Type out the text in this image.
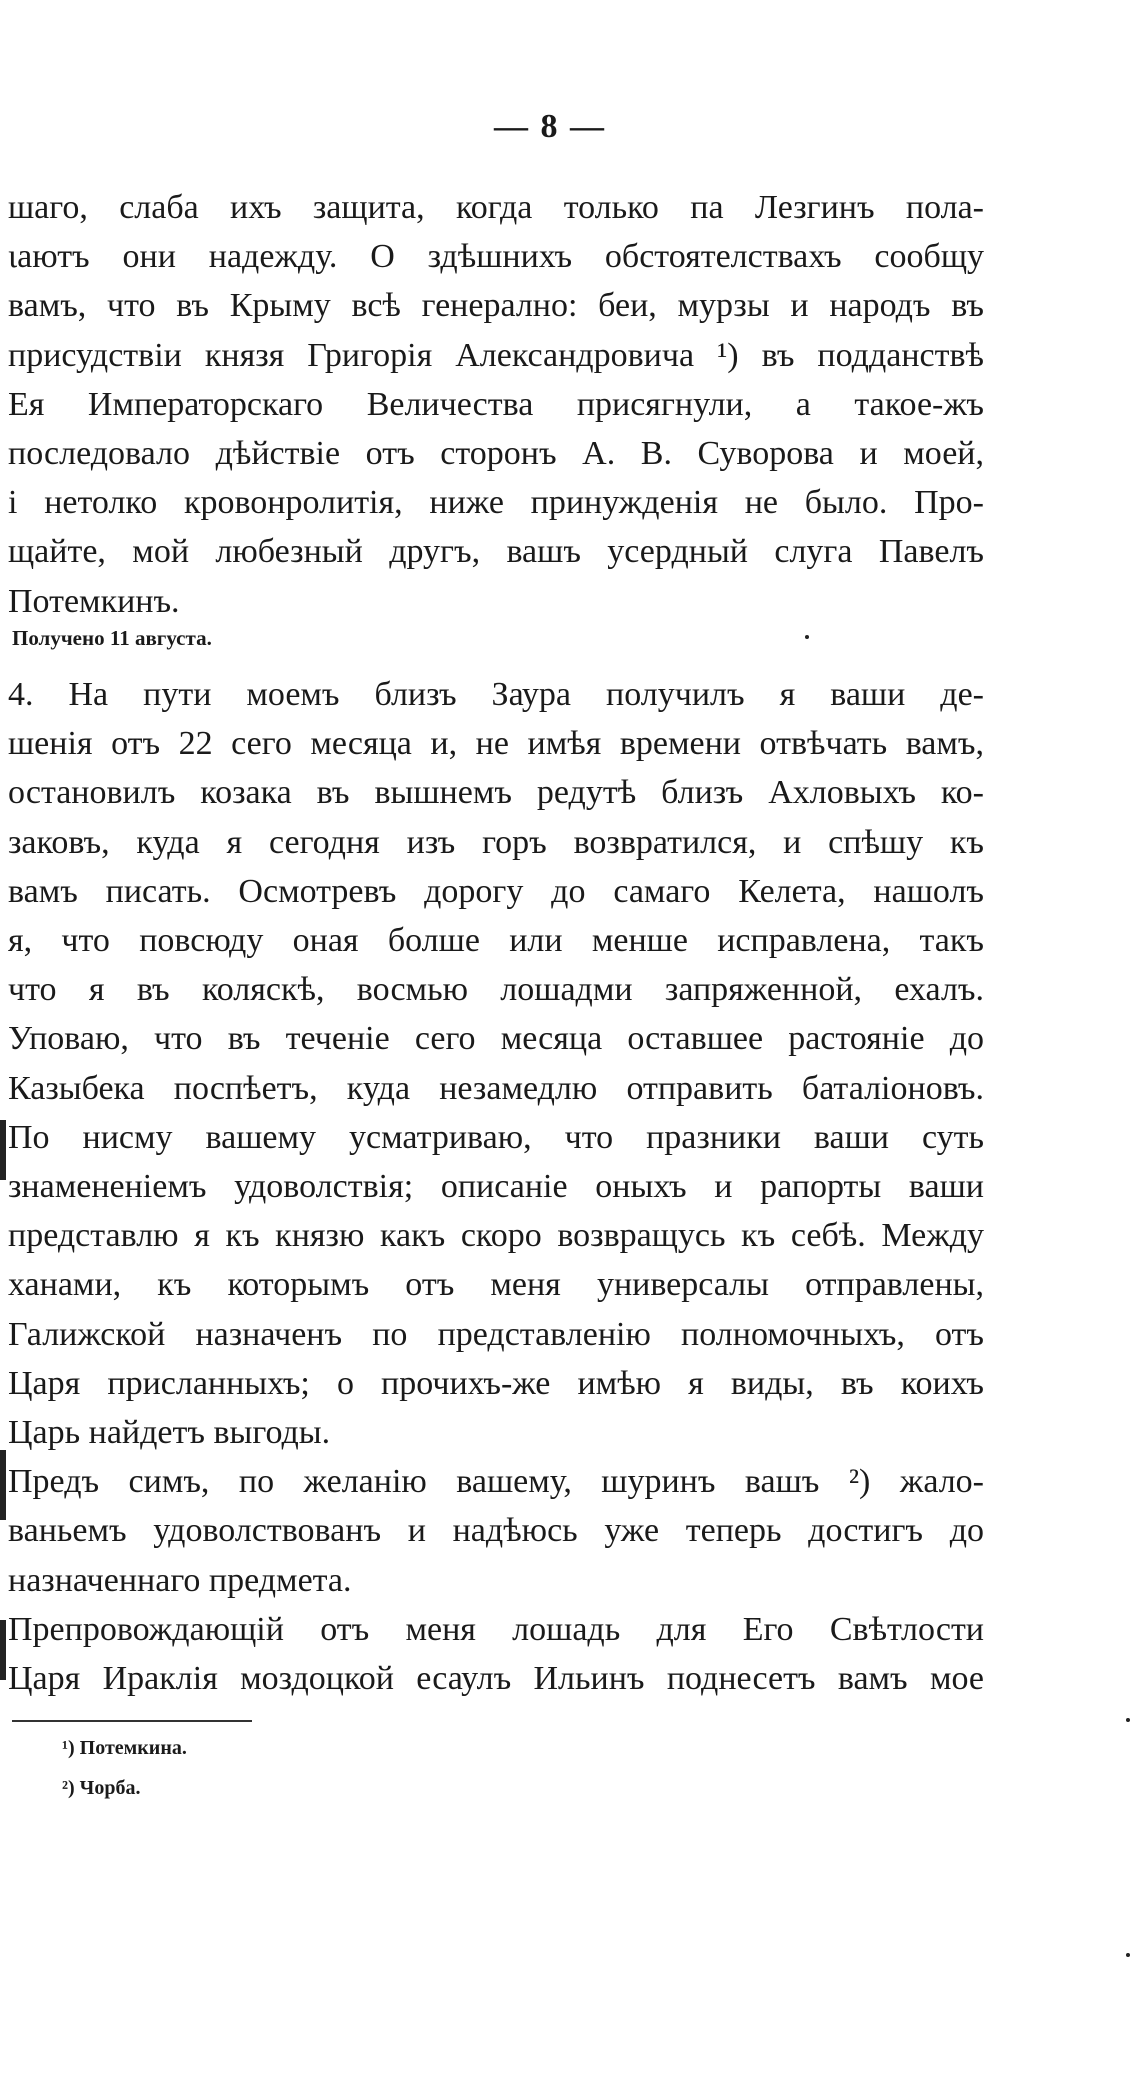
— 8 —
шаго, слаба ихъ защита, когда только па Лезгинъ пола-
ιаютъ они надежду. О здѣшнихъ обстоятелствахъ сообщу
вамъ, что въ Крыму всѣ генерално: беи, мурзы и народъ въ
присудствіи князя Григорія Александровича ¹) въ подданствѣ
Ея Императорскаго Величества присягнули, а такое-жъ
последовало дѣйствіе отъ сторонъ А. В. Суворова и моей,
і нетолко кровонролитія, ниже принужденія не было. Про-
щайте, мой любезный другъ, вашъ усердный слуга Павелъ
Потемкинъ.
Получено 11 августа.
4. На пути моемъ близъ Заура получилъ я ваши де-
шенія отъ 22 сего месяца и, не имѣя времени отвѣчать вамъ,
остановилъ козака въ вышнемъ редутѣ близъ Ахловыхъ ко-
заковъ, куда я сегодня изъ горъ возвратился, и спѣшу къ
вамъ писать. Осмотревъ дорогу до самаго Келета, нашолъ
я, что повсюду оная болше или менше исправлена, такъ
что я въ коляскѣ, восмью лошадми запряженной, ехалъ.
Уповаю, что въ теченіе сего месяца оставшее растояніе до
Казыбека поспѣетъ, куда незамедлю отправить баталіоновъ.
По нисму вашему усматриваю, что празники ваши суть
знамененіемъ удоволствія; описаніе оныхъ и рапорты ваши
представлю я къ князю какъ скоро возвращусь къ себѣ. Между
ханами, къ которымъ отъ меня универсалы отправлены,
Галижской назначенъ по представленію полномочныхъ, отъ
Царя присланныхъ; о прочихъ-же имѣю я виды, въ коихъ
Царь найдетъ выгоды.
Предъ симъ, по желанію вашему, шуринъ вашъ ²) жало-
ваньемъ удоволствованъ и надѣюсь уже теперь достигъ до
назначеннаго предмета.
Препровождающій отъ меня лошадь для Его Свѣтлости
Царя Ираклія моздоцкой есаулъ Ильинъ поднесетъ вамъ мое
¹) Потемкина.
²) Чорба.
